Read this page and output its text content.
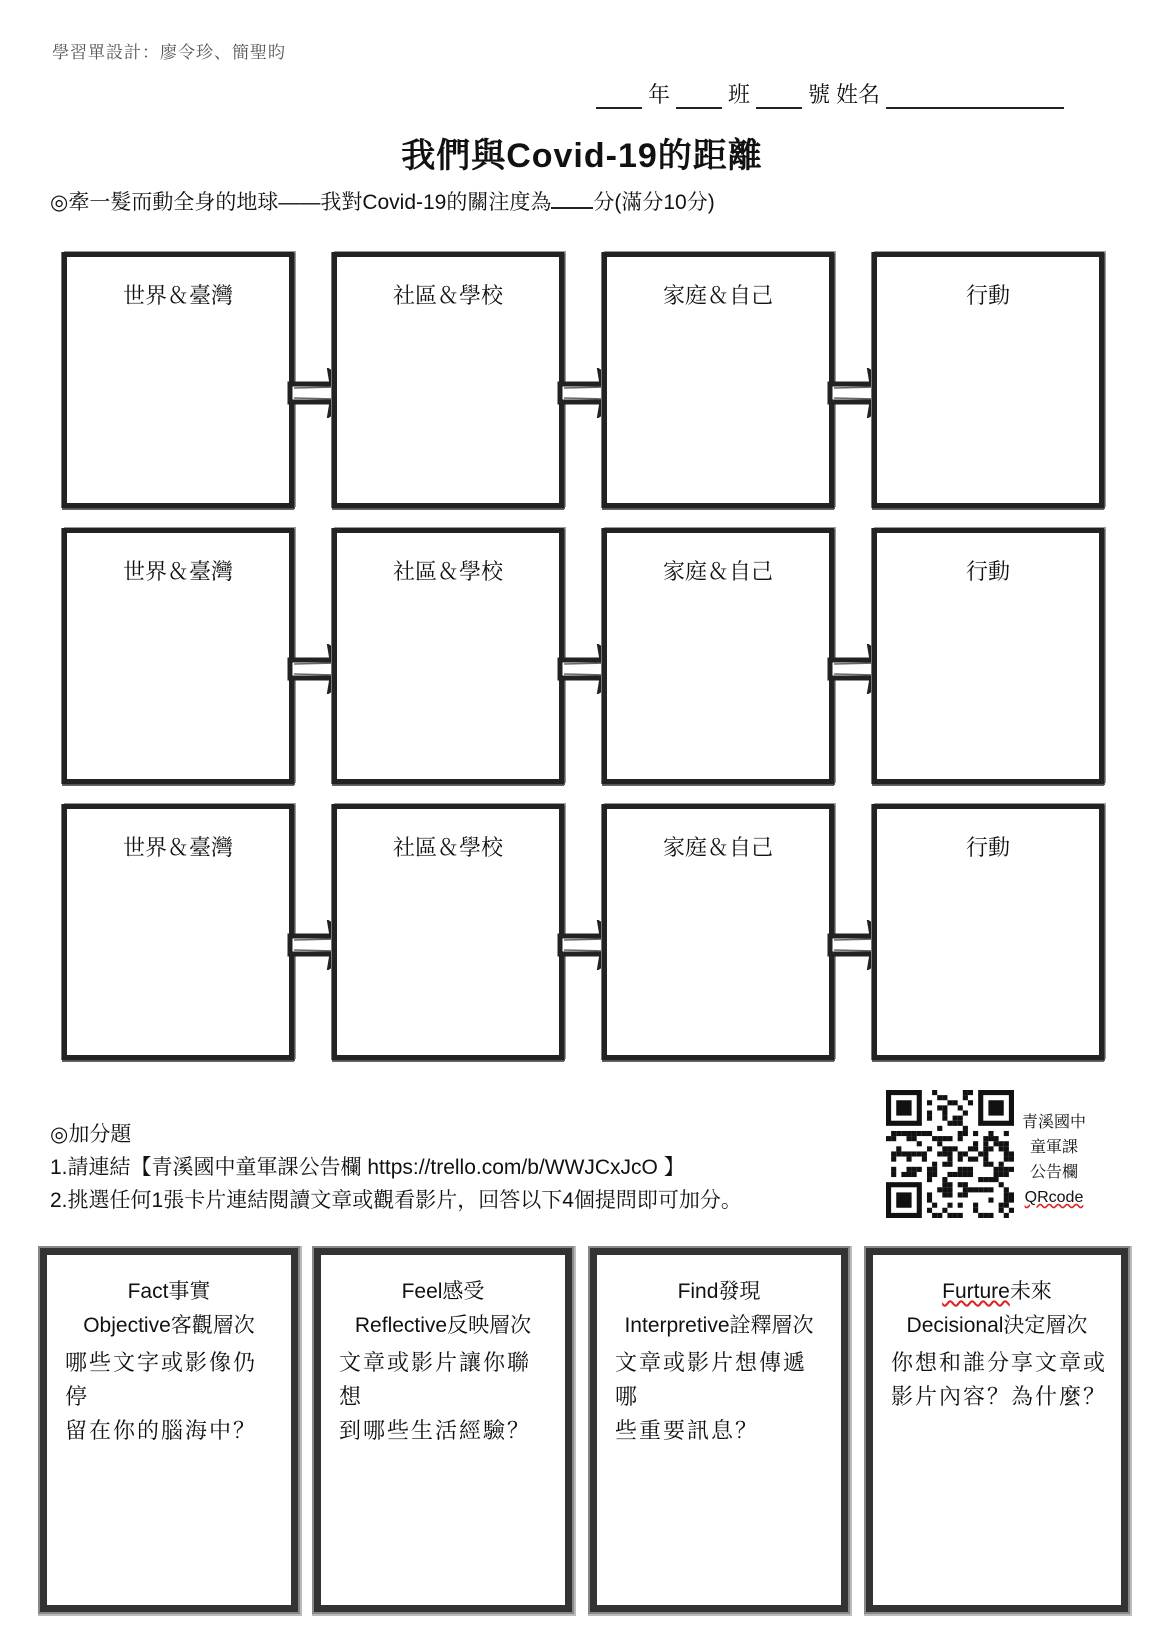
學習單設計：廖令珍、簡聖昀
年	班	號 姓名
我們與Covid-19的距離
◎牽一髮而動全身的地球——我對Covid-19的關注度為 分(滿分10分)
世界＆臺灣	社區＆學校	家庭＆自己	行動
世界＆臺灣	社區＆學校	家庭＆自己	行動
世界＆臺灣	社區＆學校	家庭＆自己	行動
◎加分題
1.請連結【青溪國中童軍課公告欄 https://trello.com/b/WWJCxJcO 】
2.挑選任何1張卡片連結閱讀文章或觀看影片，回答以下4個提問即可加分。
青溪國中
童軍課
公告欄
QRcode
Fact事實
Objective客觀層次
哪些文字或影像仍停
留在你的腦海中？
Feel感受
Reflective反映層次
文章或影片讓你聯想
到哪些生活經驗？
Find發現
Interpretive詮釋層次
文章或影片想傳遞哪
些重要訊息？
Furture未來
Decisional決定層次
你想和誰分享文章或
影片內容？為什麼？
